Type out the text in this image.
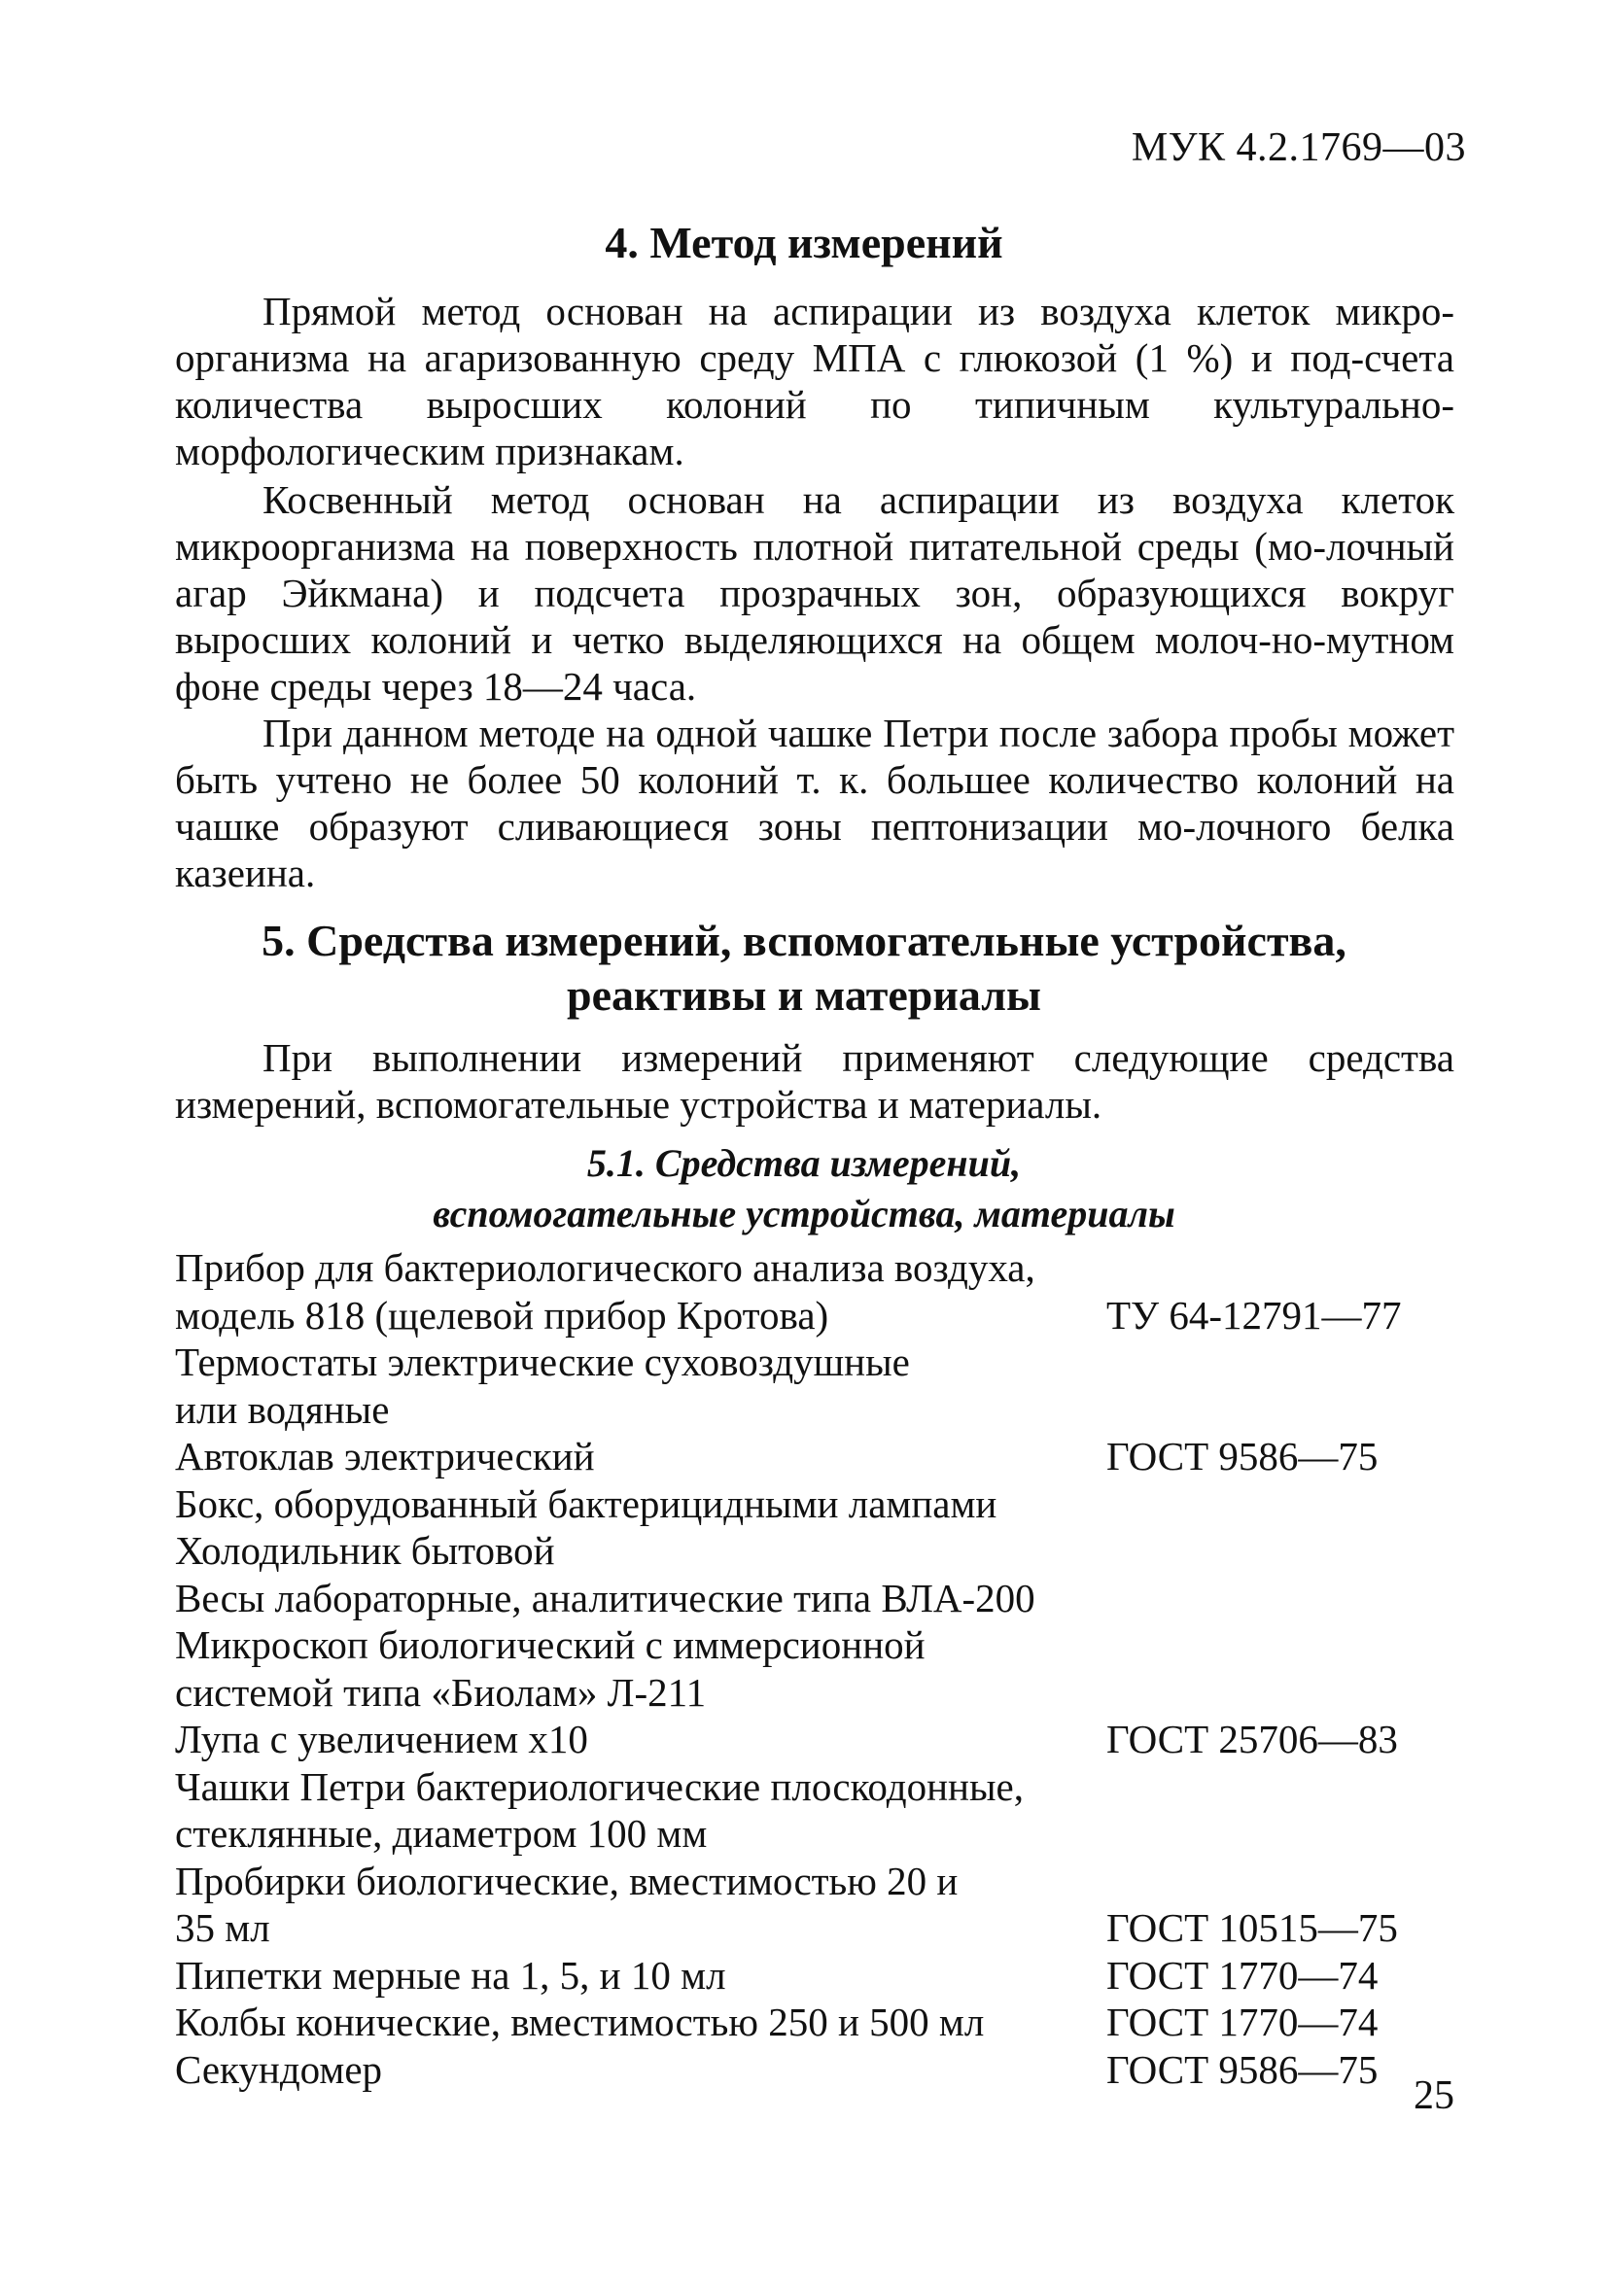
МУК 4.2.1769—03
4. Метод измерений
Прямой метод основан на аспирации из воздуха клеток микро-организма на агаризованную среду МПА с глюкозой (1 %) и под-счета количества выросших колоний по типичным культурально-морфологическим признакам.
Косвенный метод основан на аспирации из воздуха клеток микроорганизма на поверхность плотной питательной среды (мо-лочный агар Эйкмана) и подсчета прозрачных зон, образующихся вокруг выросших колоний и четко выделяющихся на общем молоч-но-мутном фоне среды через 18—24 часа.
При данном методе на одной чашке Петри после забора пробы может быть учтено не более 50 колоний т. к. большее количество колоний на чашке образуют сливающиеся зоны пептонизации мо-лочного белка казеина.
5. Средства измерений, вспомогательные устройства,
реактивы и материалы
При выполнении измерений применяют следующие средства измерений, вспомогательные устройства и материалы.
5.1. Средства измерений,
вспомогательные устройства, материалы
Прибор для бактериологического анализа воздуха, модель 818 (щелевой прибор Кротова)	ТУ 64-12791—77
Термостаты электрические суховоздушные или водяные
Автоклав электрический	ГОСТ 9586—75
Бокс, оборудованный бактерицидными лампами
Холодильник бытовой
Весы лабораторные, аналитические типа ВЛА-200
Микроскоп биологический с иммерсионной системой типа «Биолам» Л-211
Лупа с увеличением х10	ГОСТ 25706—83
Чашки Петри бактериологические плоскодонные, стеклянные, диаметром 100 мм
Пробирки биологические, вместимостью 20 и 35 мл	ГОСТ 10515—75
Пипетки мерные на 1, 5, и 10 мл	ГОСТ 1770—74
Колбы конические, вместимостью 250 и 500 мл	ГОСТ 1770—74
Секундомер	ГОСТ 9586—75
25
